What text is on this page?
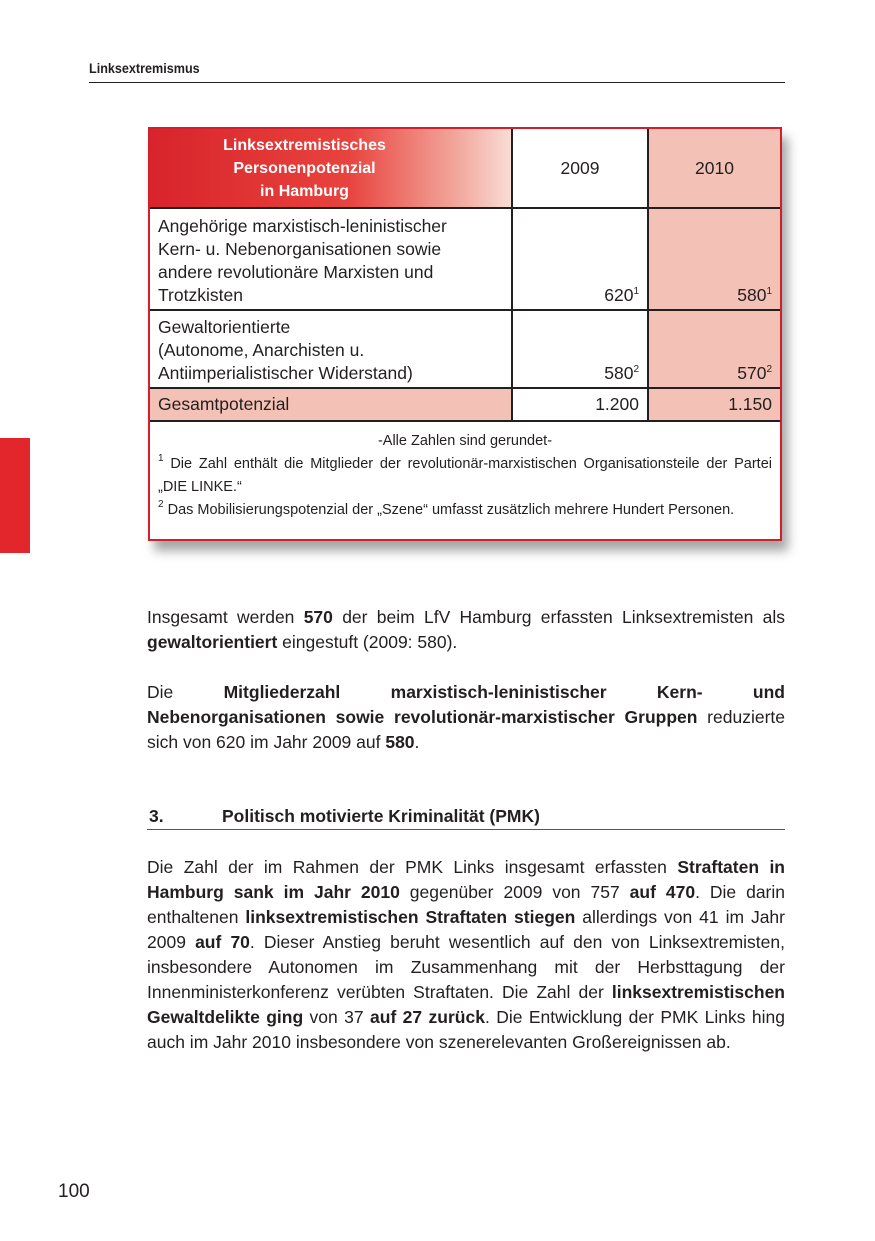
Linksextremismus
Linksextremistisches
Personenpotenzial
in Hamburg	2009	2010

Angehörige marxistisch-leninistischer
Kern- u. Nebenorganisationen sowie
andere revolutionäre Marxisten und
Trotzkisten	$620^1$	$580^1$

Gewaltorientierte
(Autonome, Anarchisten u.
Antiimperialistischer Widerstand)	$580^2$	$570^2$
Gesamtpotenzial	1.200	1.150

-Alle Zahlen sind gerundet-

$^1$ Die Zahl enthält die Mitglieder der revolutionär-marxistischen Organisationsteile der Partei „DIE LINKE.“

$^2$ Das Mobilisierungspotenzial der „Szene“ umfasst zusätzlich mehrere Hundert Personen.		

Insgesamt werden 570 der beim LfV Hamburg erfassten Linksextremisten als gewaltorientiert eingestuft (2009: 580).

Die Mitgliederzahl marxistisch-leninistischer Kern- und Nebenorganisationen sowie revolutionär-marxistischer Gruppen reduzierte sich von 620 im Jahr 2009 auf 580.

3.	Politisch motivierte Kriminalität (PMK)

Die Zahl der im Rahmen der PMK Links insgesamt erfassten Straftaten in Hamburg sank im Jahr 2010 gegenüber 2009 von 757 auf 470. Die darin enthaltenen linksextremistischen Straftaten stiegen allerdings von 41 im Jahr 2009 auf 70. Dieser Anstieg beruht wesentlich auf den von Linksextremisten, insbesondere Autonomen im Zusammenhang mit der Herbsttagung der Innenministerkonferenz verübten Straftaten. Die Zahl der linksextremistischen Gewaltdelikte ging von 37 auf 27 zurück. Die Entwicklung der PMK Links hing auch im Jahr 2010 insbesondere von szenerelevanten Großereignissen ab.

100
